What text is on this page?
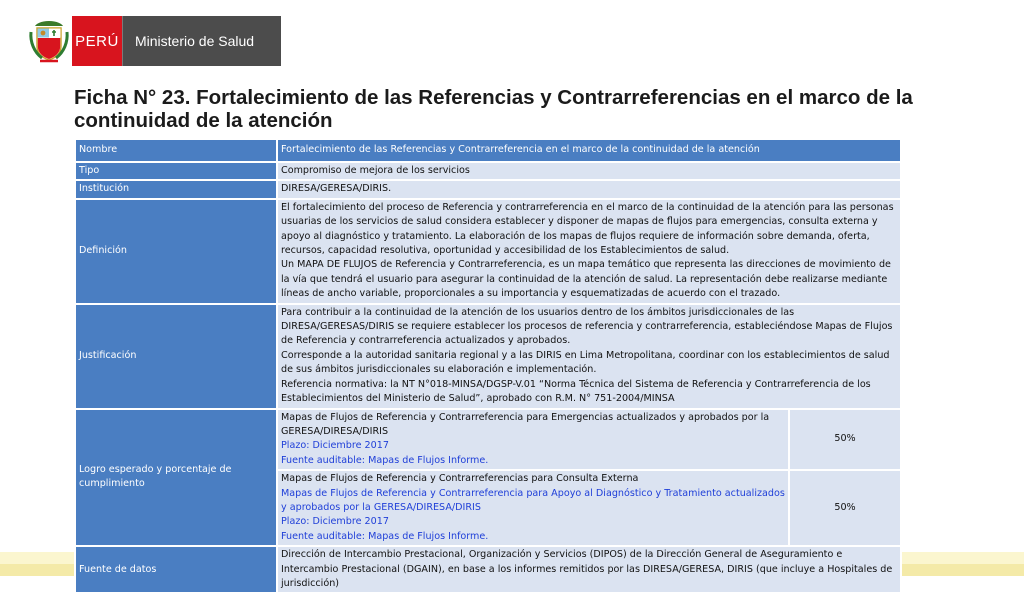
PERÚ	Ministerio de Salud
Ficha N° 23. Fortalecimiento de las Referencias y Contrarreferencias en el marco de la continuidad de la atención
Nombre	Fortalecimiento de las Referencias y Contrarreferencia en el marco de la continuidad de la atención	
Tipo	Compromiso de mejora de los servicios	
Institución	DIRESA/GERESA/DIRIS.	
Definición	El fortalecimiento del proceso de Referencia y contrarreferencia en el marco de la continuidad de la atención para las personas usuarias de los servicios de salud considera establecer y disponer de mapas de flujos para emergencias, consulta externa y apoyo al diagnóstico y tratamiento. La elaboración de los mapas de flujos requiere de información sobre demanda, oferta, recursos, capacidad resolutiva, oportunidad y accesibilidad de los Establecimientos de salud.
Un MAPA DE FLUJOS de Referencia y Contrarreferencia, es un mapa temático que representa las direcciones de movimiento de la vía que tendrá el usuario para asegurar la continuidad de la atención de salud. La representación debe realizarse mediante líneas de ancho variable, proporcionales a su importancia y esquematizadas de acuerdo con el trazado.	

Justificación	Para contribuir a la continuidad de la atención de los usuarios dentro de los ámbitos jurisdiccionales de las DIRESA/GERESAS/DIRIS se requiere establecer los procesos de referencia y contrarreferencia, estableciéndose Mapas de Flujos de Referencia y contrarreferencia actualizados y aprobados.
Corresponde a la autoridad sanitaria regional y a las DIRIS en Lima Metropolitana, coordinar con los establecimientos de salud de sus ámbitos jurisdiccionales su elaboración e implementación.
Referencia normativa: la NT N°018-MINSA/DGSP-V.01 “Norma Técnica del Sistema de Referencia y Contrarreferencia de los Establecimientos del Ministerio de Salud”, aprobado con R.M. N° 751-2004/MINSA	

Logro esperado y porcentaje de cumplimiento	Mapas de Flujos de Referencia y Contrarreferencia para Emergencias actualizados y aprobados por la GERESA/DIRESA/DIRIS
Plazo: Diciembre 2017
Fuente auditable: Mapas de Flujos Informe.	50%

	Mapas de Flujos de Referencia y Contrarreferencias para Consulta Externa
Mapas de Flujos de Referencia y Contrarreferencia para Apoyo al Diagnóstico y Tratamiento actualizados y aprobados por la GERESA/DIRESA/DIRIS
Plazo: Diciembre 2017
Fuente auditable: Mapas de Flujos Informe.	50%
Fuente de datos	Dirección de Intercambio Prestacional, Organización y Servicios (DIPOS) de la Dirección General de Aseguramiento e Intercambio Prestacional (DGAIN), en base a los informes remitidos por las DIRESA/GERESA, DIRIS (que incluye a Hospitales de jurisdicción)	
